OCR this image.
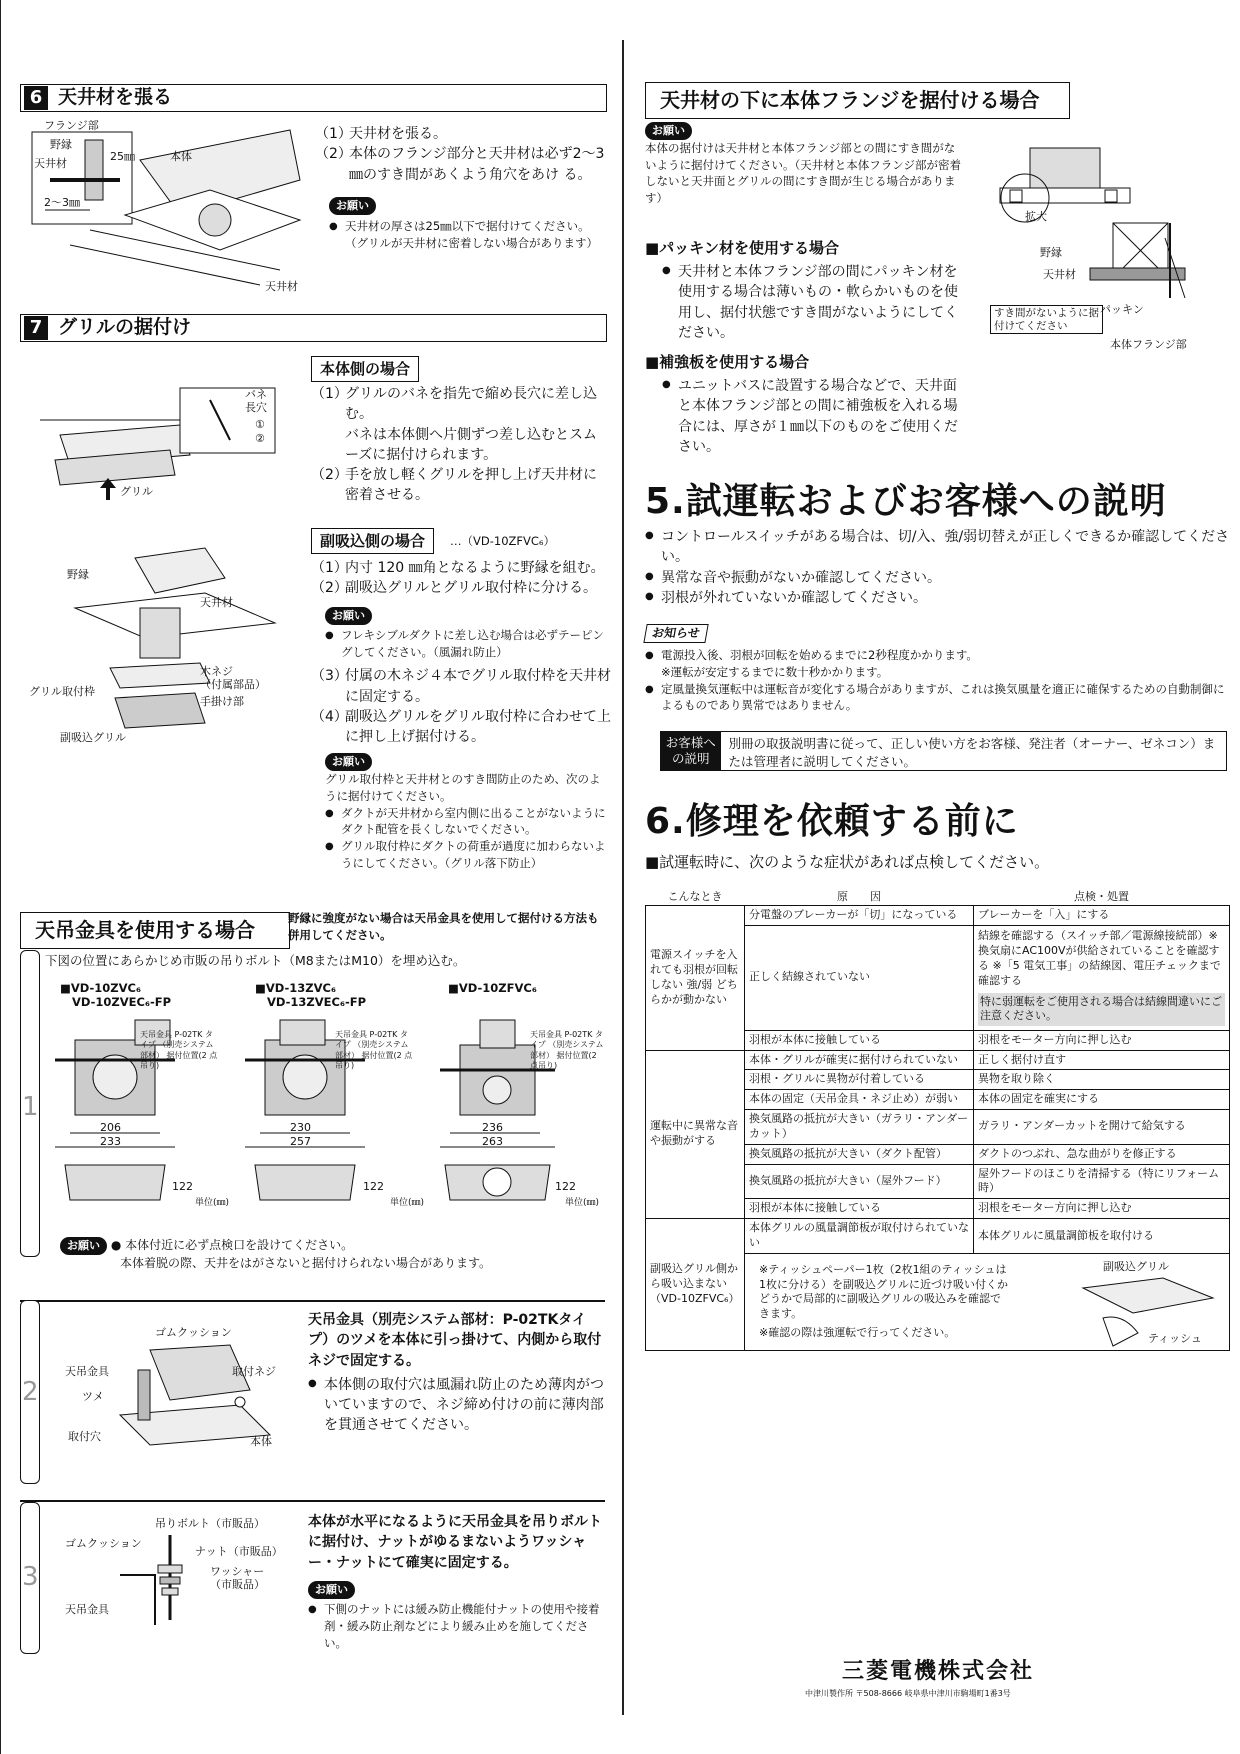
6 天井材を張る
フランジ部
野縁
天井材
2～3㎜
25㎜	本体
天井材
（1）
天井材を張る。
（2）
本体のフランジ部分と天井材は必ず2～3㎜のすき間があくよう角穴をあけ る。
お願い
● 天井材の厚さは25㎜以下で据付けてください。（グリルが天井材に密着しない場合があります）
7 グリルの据付け
バネ
長穴
①
②
グリル
本体側の場合
（1）
グリルのバネを指先で縮め長穴に差し込む。
バネは本体側へ片側ずつ差し込むとスムーズに据付けられます。
（2）
手を放し軽くグリルを押し上げ天井材に密着させる。
副吸込側の場合	…（VD-10ZFVC₆）
野縁
天井材
木ネジ
（付属部品）
グリル取付枠
手掛け部
副吸込グリル
（1）
内寸 120 ㎜角となるように野縁を組む。
（2）
副吸込グリルとグリル取付枠に分ける。
お願い
● フレキシブルダクトに差し込む場合は必ずテーピングしてください。（風漏れ防止）
（3）
付属の木ネジ４本でグリル取付枠を天井材に固定する。
（4）
副吸込グリルをグリル取付枠に合わせて上に押し上げ据付ける。
お願い
グリル取付枠と天井材とのすき間防止のため、次のように据付けてください。
● ダクトが天井材から室内側に出ることがないようにダクト配管を長くしないでください。
● グリル取付枠にダクトの荷重が過度に加わらないようにしてください。（グリル落下防止）
天吊金具を使用する場合	野縁に強度がない場合は天吊金具を使用して据付ける方法も併用してください。
1
下図の位置にあらかじめ市販の吊りボルト（M8またはM10）を埋め込む。
■VD-10ZVC₆
VD-10ZVEC₆-FP
■VD-13ZVC₆
VD-13ZVEC₆-FP
■VD-10ZFVC₆
206
233
122
単位(㎜)
天吊金具 P-02TK タイプ （別売システム部材） 据付位置(2 点吊り)
230
257
122
単位(㎜)
天吊金具 P-02TK タイプ （別売システム部材） 据付位置(2 点吊り)
236
263
122
単位(㎜)
天吊金具 P-02TK タイプ （別売システム部材） 据付位置(2 点吊り)
お願い ● 本体付近に必ず点検口を設けてください。
本体着脱の際、天井をはがさないと据付けられない場合があります。
2
ゴムクッション
天吊金具
ツメ
取付ネジ
取付穴	本体
天吊金具（別売システム部材：P-02TKタイプ）のツメを本体に引っ掛けて、内側から取付ネジで固定する。
● 本体側の取付穴は風漏れ防止のため薄肉がついていますので、ネジ締め付けの前に薄肉部を貫通させてください。
3
吊りボルト（市販品）
ゴムクッション
ナット（市販品）
ワッシャー
（市販品）
天吊金具
本体が水平になるように天吊金具を吊りボルトに据付け、ナットがゆるまないようワッシャー・ナットにて確実に固定する。
お願い
● 下側のナットには緩み防止機能付ナットの使用や接着剤・緩み防止剤などにより緩み止めを施してください。
天井材の下に本体フランジを据付ける場合
お願い
本体の据付けは天井材と本体フランジ部との間にすき間がないように据付けてください。（天井材と本体フランジ部が密着しないと天井面とグリルの間にすき間が生じる場合があります）
拡大
野縁
天井材
パッキン
本体フランジ部
すき間がないように据付けてください
■パッキン材を使用する場合
● 天井材と本体フランジ部の間にパッキン材を使用する場合は薄いもの・軟らかいものを使用し、据付状態ですき間がないようにしてください。
■補強板を使用する場合
● ユニットバスに設置する場合などで、天井面と本体フランジ部との間に補強板を入れる場合には、厚さが１㎜以下のものをご使用ください。
5.試運転およびお客様への説明
● コントロールスイッチがある場合は、切/入、強/弱切替えが正しくできるか確認してください。
● 異常な音や振動がないか確認してください。
● 羽根が外れていないか確認してください。
お知らせ
● 電源投入後、羽根が回転を始めるまでに2秒程度かかります。
※運転が安定するまでに数十秒かかります。
● 定風量換気運転中は運転音が変化する場合がありますが、これは換気風量を適正に確保するための自動制御によるものであり異常ではありません。
お客様への説明
別冊の取扱説明書に従って、正しい使い方をお客様、発注者（オーナー、ゼネコン）または管理者に説明してください。
6.修理を依頼する前に
■試運転時に、次のような症状があれば点検してください。
こんなとき	原　　因	点検・処置
電源スイッチを入れても羽根が回転しない 強/弱 どちらかが動かない	分電盤のブレーカーが「切」になっている	ブレーカーを「入」にする
	正しく結線されていない	結線を確認する（スイッチ部／電源線接続部）※換気扇にAC100Vが供給されていることを確認する ※「5 電気工事」の結線図、電圧チェックまで確認する
特に弱運転をご使用される場合は結線間違いにご注意ください。

	羽根が本体に接触している	羽根をモーター方向に押し込む
運転中に異常な音や振動がする	本体・グリルが確実に据付けられていない	正しく据付け直す
	羽根・グリルに異物が付着している	異物を取り除く
	本体の固定（天吊金具・ネジ止め）が弱い	本体の固定を確実にする
	換気風路の抵抗が大きい（ガラリ・アンダーカット）	ガラリ・アンダーカットを開けて給気する
	換気風路の抵抗が大きい（ダクト配管）	ダクトのつぶれ、急な曲がりを修正する
	換気風路の抵抗が大きい（屋外フード）	屋外フードのほこりを清掃する（特にリフォーム時）
	羽根が本体に接触している	羽根をモーター方向に押し込む
副吸込グリル側から吸い込まない（VD-10ZFVC₆）	本体グリルの風量調節板が取付けられていない	本体グリルに風量調節板を取付ける

	※ティッシュペーパー1枚（2枚1組のティッシュは1枚に分ける）を副吸込グリルに近づけ吸い付くかどうかで局部的に副吸込グリルの吸込みを確認できます。
※確認の際は強運転で行ってください。
副吸込グリル
ティッシュ	
三菱電機株式会社
中津川製作所 〒508-8666 岐阜県中津川市駒場町1番3号
